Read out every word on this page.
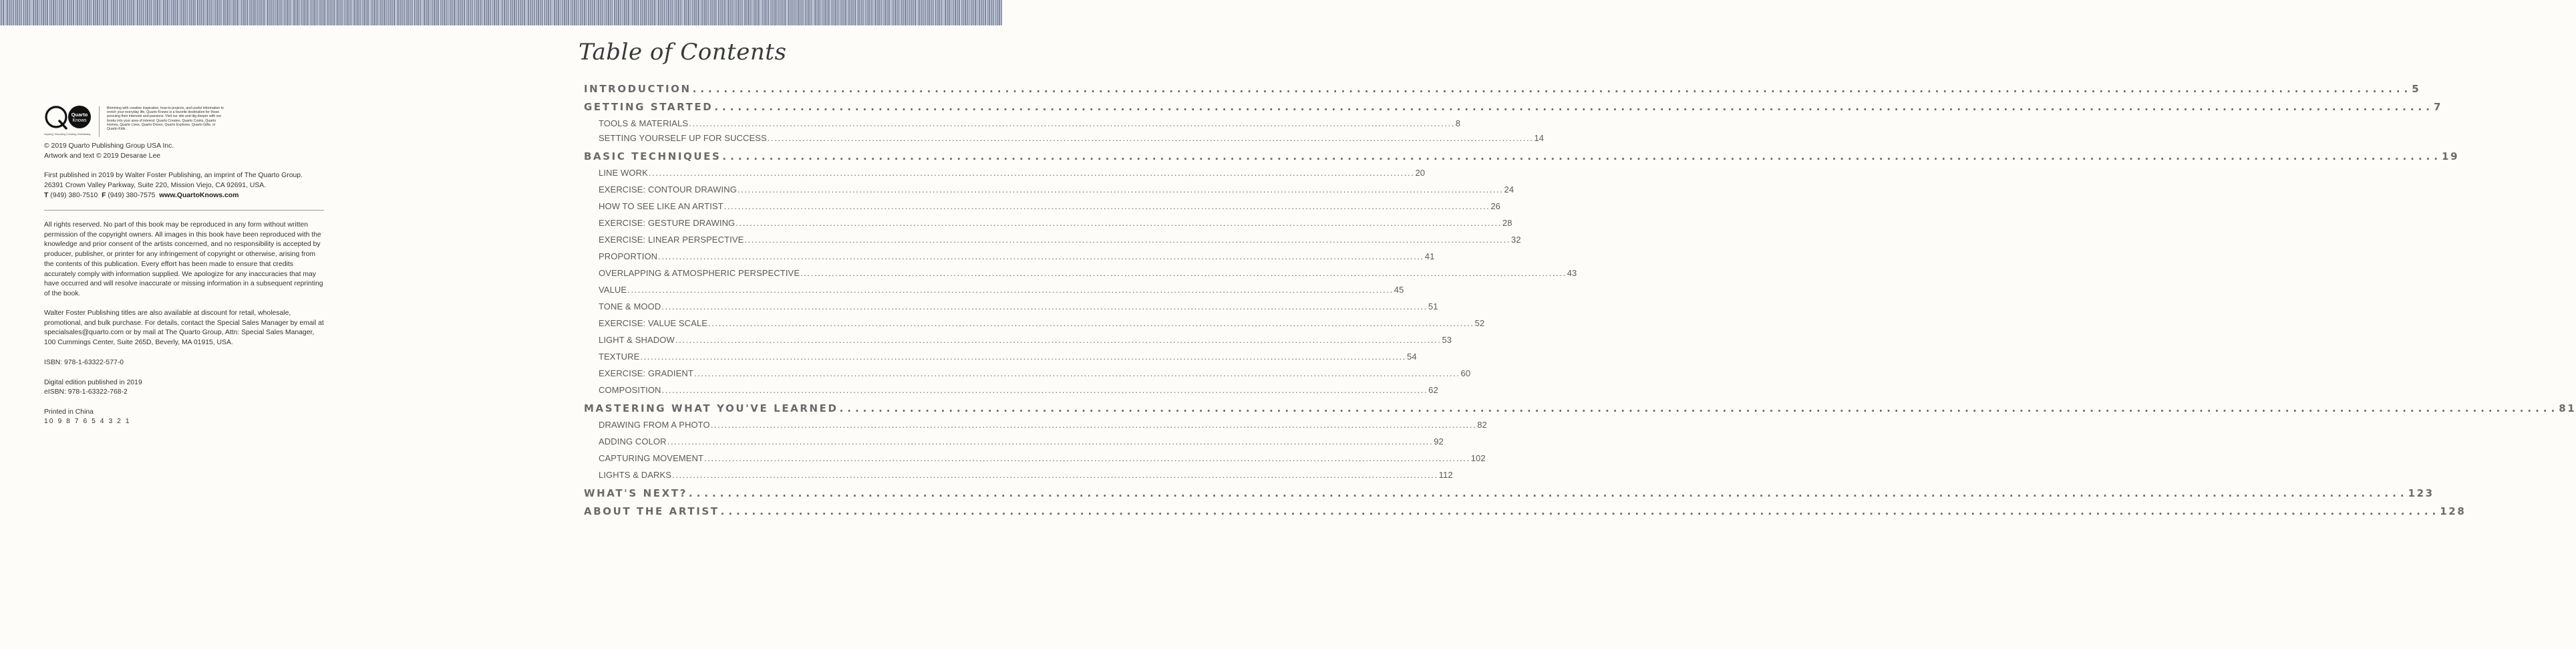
Quarto
Knows
Inspiring | Educating | Creating | Entertaining
Brimming with creative inspiration, how-to projects, and useful information to enrich your everyday life, Quarto Knows is a favorite destination for those pursuing their interests and passions. Visit our site and dig deeper with our books into your area of interest: Quarto Creates, Quarto Cooks, Quarto Homes, Quarto Lives, Quarto Drives, Quarto Explores, Quarto Gifts, or Quarto Kids.
© 2019 Quarto Publishing Group USA Inc.
Artwork and text © 2019 Desarae Lee
First published in 2019 by Walter Foster Publishing, an imprint of The Quarto Group.
26391 Crown Valley Parkway, Suite 220, Mission Viejo, CA 92691, USA.
T (949) 380-7510 F (949) 380-7575 www.QuartoKnows.com
All rights reserved. No part of this book may be reproduced in any form without written permission of the copyright owners. All images in this book have been reproduced with the knowledge and prior consent of the artists concerned, and no responsibility is accepted by producer, publisher, or printer for any infringement of copyright or otherwise, arising from the contents of this publication. Every effort has been made to ensure that credits accurately comply with information supplied. We apologize for any inaccuracies that may have occurred and will resolve inaccurate or missing information in a subsequent reprinting of the book.
Walter Foster Publishing titles are also available at discount for retail, wholesale, promotional, and bulk purchase. For details, contact the Special Sales Manager by email at specialsales@quarto.com or by mail at The Quarto Group, Attn: Special Sales Manager, 100 Cummings Center, Suite 265D, Beverly, MA 01915, USA.
ISBN: 978-1-63322-577-0
Digital edition published in 2019
eISBN: 978-1-63322-768-2
Printed in China
10 9 8 7 6 5 4 3 2 1
Table of Contents
INTRODUCTION ............................................................................................................................................................................................................................ 5
GETTING STARTED ............................................................................................................................................................................................................................ 7
TOOLS & MATERIALS ............................................................................................................................................................................................................................ 8
SETTING YOURSELF UP FOR SUCCESS ............................................................................................................................................................................................................................ 14
BASIC TECHNIQUES ............................................................................................................................................................................................................................ 19
LINE WORK ............................................................................................................................................................................................................................ 20
EXERCISE: CONTOUR DRAWING ............................................................................................................................................................................................................................ 24
HOW TO SEE LIKE AN ARTIST ............................................................................................................................................................................................................................ 26
EXERCISE: GESTURE DRAWING ............................................................................................................................................................................................................................ 28
EXERCISE: LINEAR PERSPECTIVE ............................................................................................................................................................................................................................ 32
PROPORTION ............................................................................................................................................................................................................................ 41
OVERLAPPING & ATMOSPHERIC PERSPECTIVE ............................................................................................................................................................................................................................ 43
VALUE ............................................................................................................................................................................................................................ 45
TONE & MOOD ............................................................................................................................................................................................................................ 51
EXERCISE: VALUE SCALE ............................................................................................................................................................................................................................ 52
LIGHT & SHADOW ............................................................................................................................................................................................................................ 53
TEXTURE ............................................................................................................................................................................................................................ 54
EXERCISE: GRADIENT ............................................................................................................................................................................................................................ 60
COMPOSITION ............................................................................................................................................................................................................................ 62
MASTERING WHAT YOU'VE LEARNED ............................................................................................................................................................................................................................ 81
DRAWING FROM A PHOTO ............................................................................................................................................................................................................................ 82
ADDING COLOR ............................................................................................................................................................................................................................ 92
CAPTURING MOVEMENT ............................................................................................................................................................................................................................ 102
LIGHTS & DARKS ............................................................................................................................................................................................................................ 112
WHAT'S NEXT? ............................................................................................................................................................................................................................ 123
ABOUT THE ARTIST ............................................................................................................................................................................................................................ 128
